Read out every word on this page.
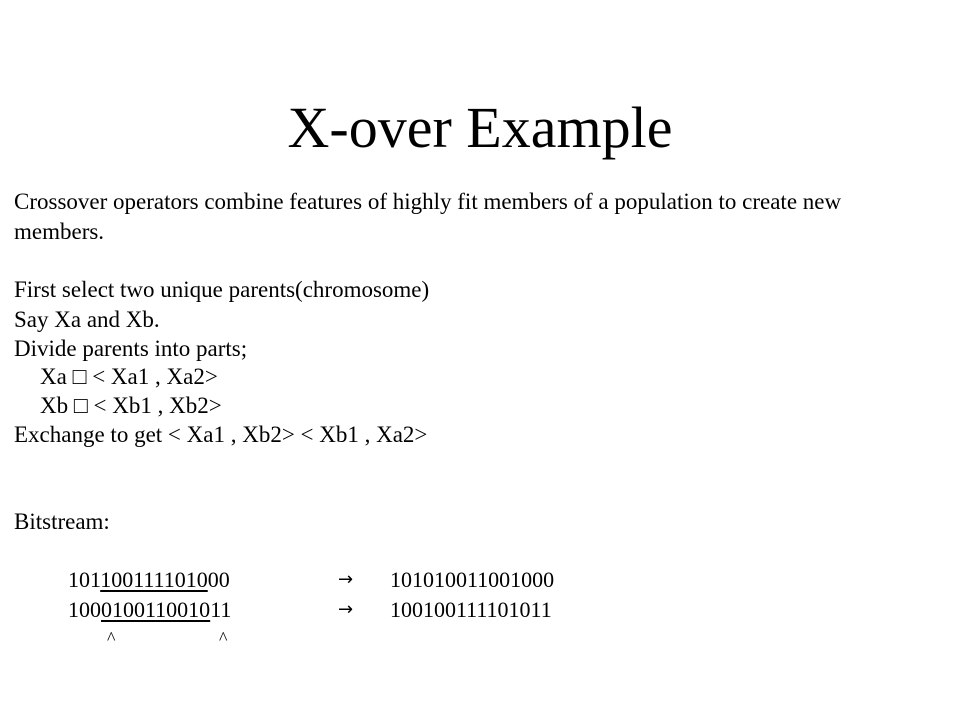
X-over Example
Crossover operators combine features of highly fit members of a population to create new
members.
First select two unique parents(chromosome)
Say Xa and Xb.
Divide parents into parts;
Xa □ < Xa1 , Xa2>
Xb □ < Xb1 , Xb2>
Exchange to get < Xa1 , Xb2> < Xb1 , Xa2>
Bitstream:
101100111101000	→ 101010011001000
100010011001011	→ 100100111101011
^	^
